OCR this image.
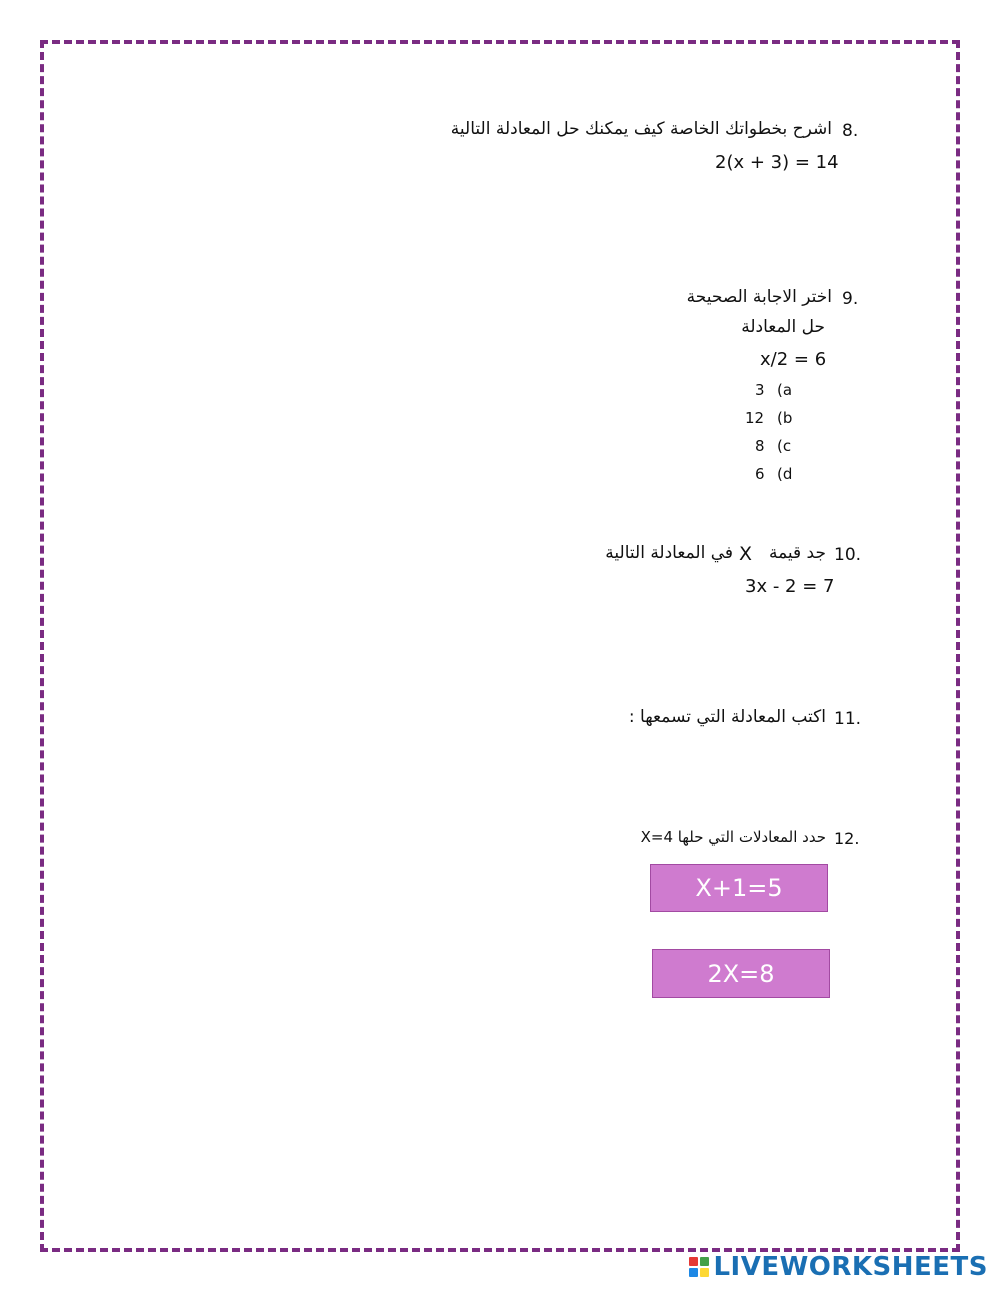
8.
اشرح بخطواتك الخاصة كيف يمكنك حل المعادلة التالية
2(x + 3) = 14
9.
اختر الاجابة الصحيحة
حل المعادلة
x/2 = 6
3 (a
12 (b
8 (c
6 (d
10.
جد قيمة
X
في المعادلة التالية
3x - 2 = 7
11.
اكتب المعادلة التي تسمعها :
12.
حدد المعادلات التي حلها X=4
X+1=5
2X=8
LIVEWORKSHEETS
